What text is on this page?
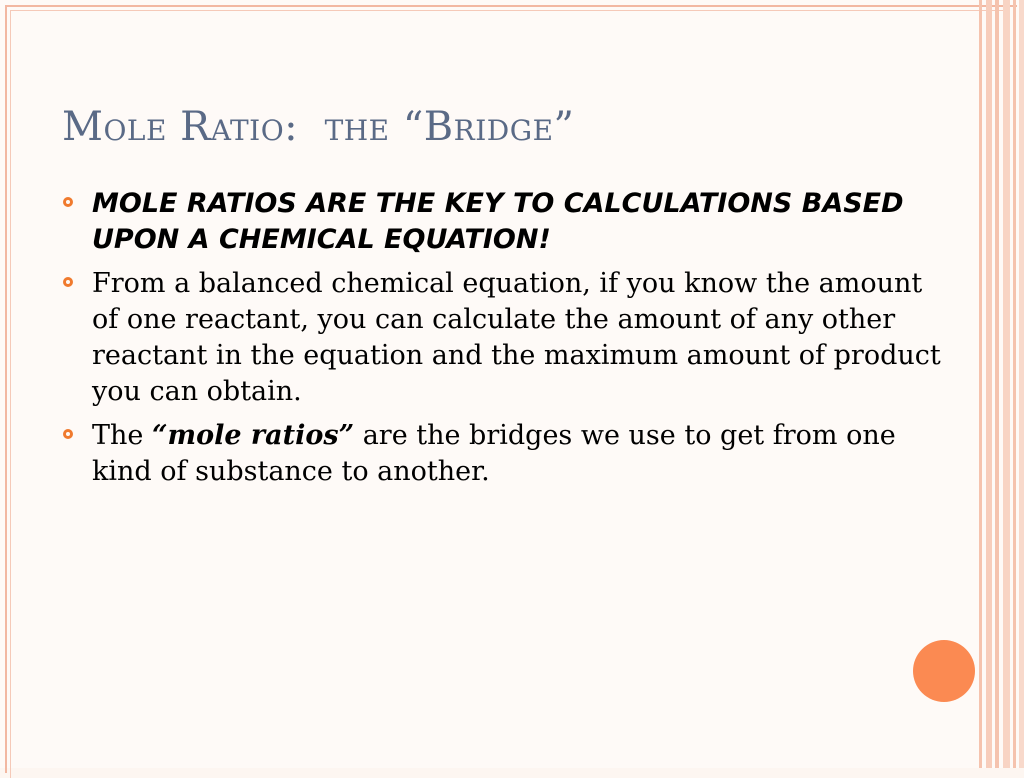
Mole Ratio:  the “Bridge”
MOLE RATIOS ARE THE KEY TO CALCULATIONS BASED UPON A CHEMICAL EQUATION!
From a balanced chemical equation, if you know the amount of one reactant, you can calculate the amount of any other reactant in the equation and the maximum amount of product you can obtain.
The “mole ratios” are the bridges we use to get from one kind of substance to another.
